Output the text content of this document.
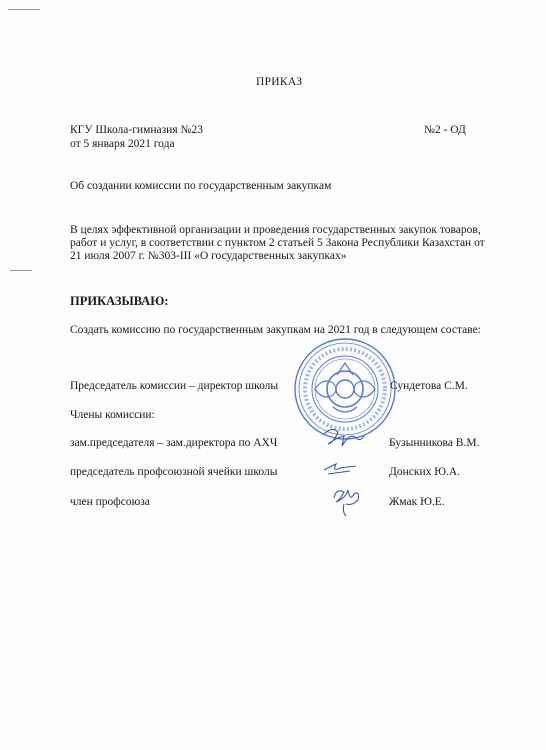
ПРИКАЗ
КГУ Школа-гимназия №23	№2 - ОД
от 5 января 2021 года
Об создании комиссии по государственным закупкам
В целях эффективной организации и проведения государственных закупок товаров, работ и услуг, в соответствии с пунктом 2 статьей 5 Закона Республики Казахстан от 21 июля 2007 г. №303-III «О государственных закупках»
ПРИКАЗЫВАЮ:
Создать комиссию по государственным закупкам на 2021 год в следующем составе:
Председатель комиссии – директор школы	Сундетова С.М.
Члены комиссии:
зам.председателя – зам.директора по АХЧ	Бузынникова В.М.
председатель профсоюзной ячейки школы	Донских Ю.А.
член профсоюза	Жмак Ю.Е.
